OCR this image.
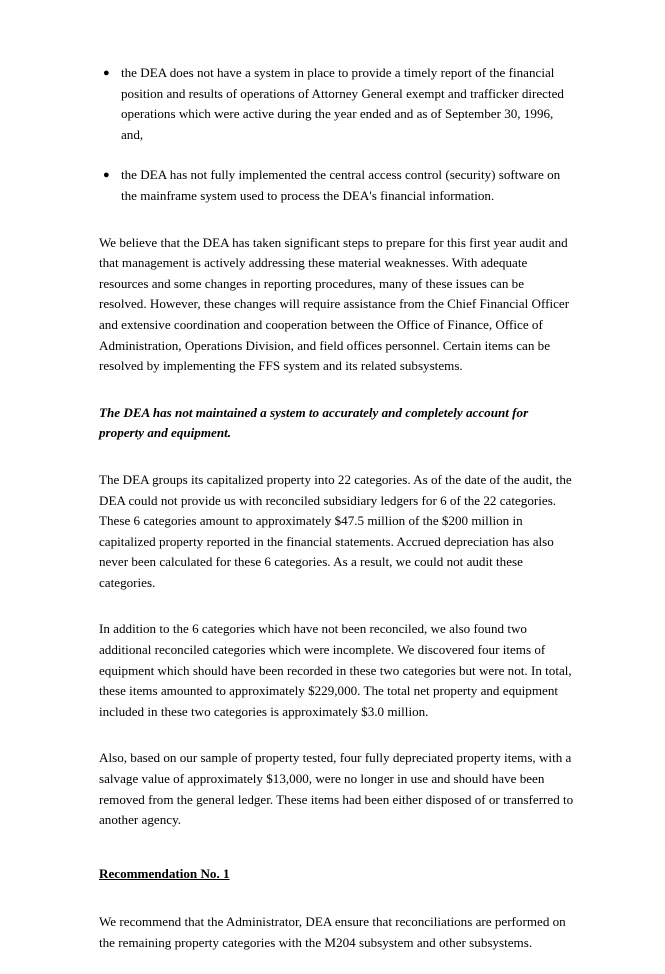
● the DEA does not have a system in place to provide a timely report of the financial position and results of operations of Attorney General exempt and trafficker directed operations which were active during the year ended and as of September 30, 1996, and,
● the DEA has not fully implemented the central access control (security) software on the mainframe system used to process the DEA's financial information.

We believe that the DEA has taken significant steps to prepare for this first year audit and that management is actively addressing these material weaknesses. With adequate resources and some changes in reporting procedures, many of these issues can be resolved. However, these changes will require assistance from the Chief Financial Officer and extensive coordination and cooperation between the Office of Finance, Office of Administration, Operations Division, and field offices personnel. Certain items can be resolved by implementing the FFS system and its related subsystems.

The DEA has not maintained a system to accurately and completely account for property and equipment.

The DEA groups its capitalized property into 22 categories. As of the date of the audit, the DEA could not provide us with reconciled subsidiary ledgers for 6 of the 22 categories. These 6 categories amount to approximately $47.5 million of the $200 million in capitalized property reported in the financial statements. Accrued depreciation has also never been calculated for these 6 categories. As a result, we could not audit these categories.

In addition to the 6 categories which have not been reconciled, we also found two additional reconciled categories which were incomplete. We discovered four items of equipment which should have been recorded in these two categories but were not. In total, these items amounted to approximately $229,000. The total net property and equipment included in these two categories is approximately $3.0 million.

Also, based on our sample of property tested, four fully depreciated property items, with a salvage value of approximately $13,000, were no longer in use and should have been removed from the general ledger. These items had been either disposed of or transferred to another agency.

Recommendation No. 1

We recommend that the Administrator, DEA ensure that reconciliations are performed on the remaining property categories with the M204 subsystem and other subsystems.
